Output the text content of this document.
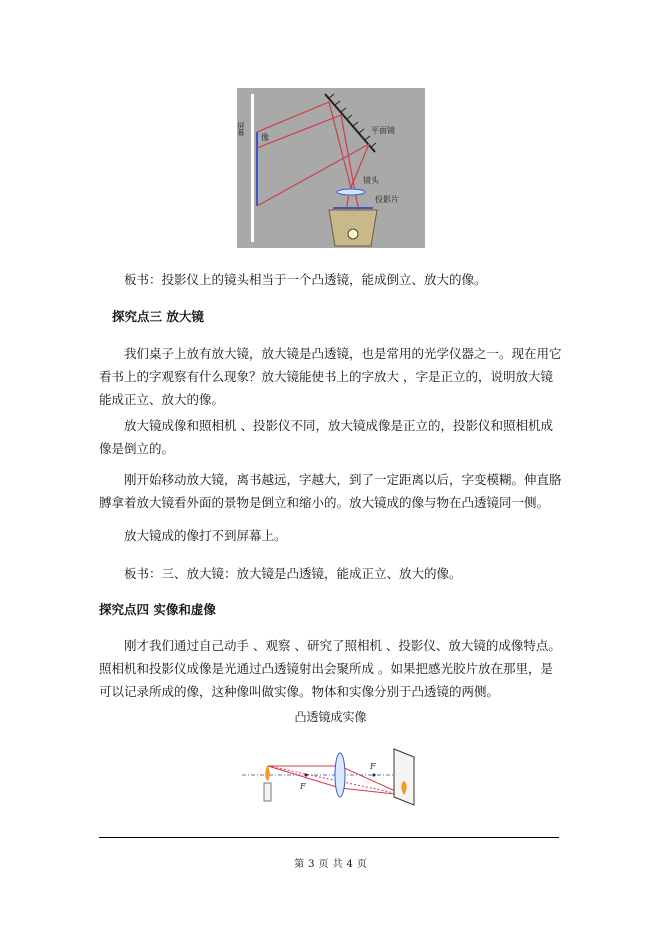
屏幕
像
平面镜
镜头
投影片
板书：投影仪上的镜头相当于一个凸透镜，能成倒立、放大的像。
探究点三 放大镜
我们桌子上放有放大镜，放大镜是凸透镜，也是常用的光学仪器之一。现在用它看书上的字观察有什么现象？放大镜能使书上的字放大 ，字是正立的，说明放大镜能成正立、放大的像。
放大镜成像和照相机 、投影仪不同，放大镜成像是正立的，投影仪和照相机成像是倒立的。
刚开始移动放大镜，离书越远，字越大，到了一定距离以后，字变模糊。伸直胳膊拿着放大镜看外面的景物是倒立和缩小的。放大镜成的像与物在凸透镜同一侧。
放大镜成的像打不到屏幕上。
板书：三、放大镜：放大镜是凸透镜，能成正立、放大的像。
探究点四 实像和虚像
刚才我们通过自己动手 、观察 、研究了照相机 、投影仪、放大镜的成像特点。照相机和投影仪成像是光通过凸透镜射出会聚所成 。如果把感光胶片放在那里，是可以记录所成的像，这种像叫做实像。物体和实像分别于凸透镜的两侧。
凸透镜成实像
F
F
第 3 页 共 4 页
